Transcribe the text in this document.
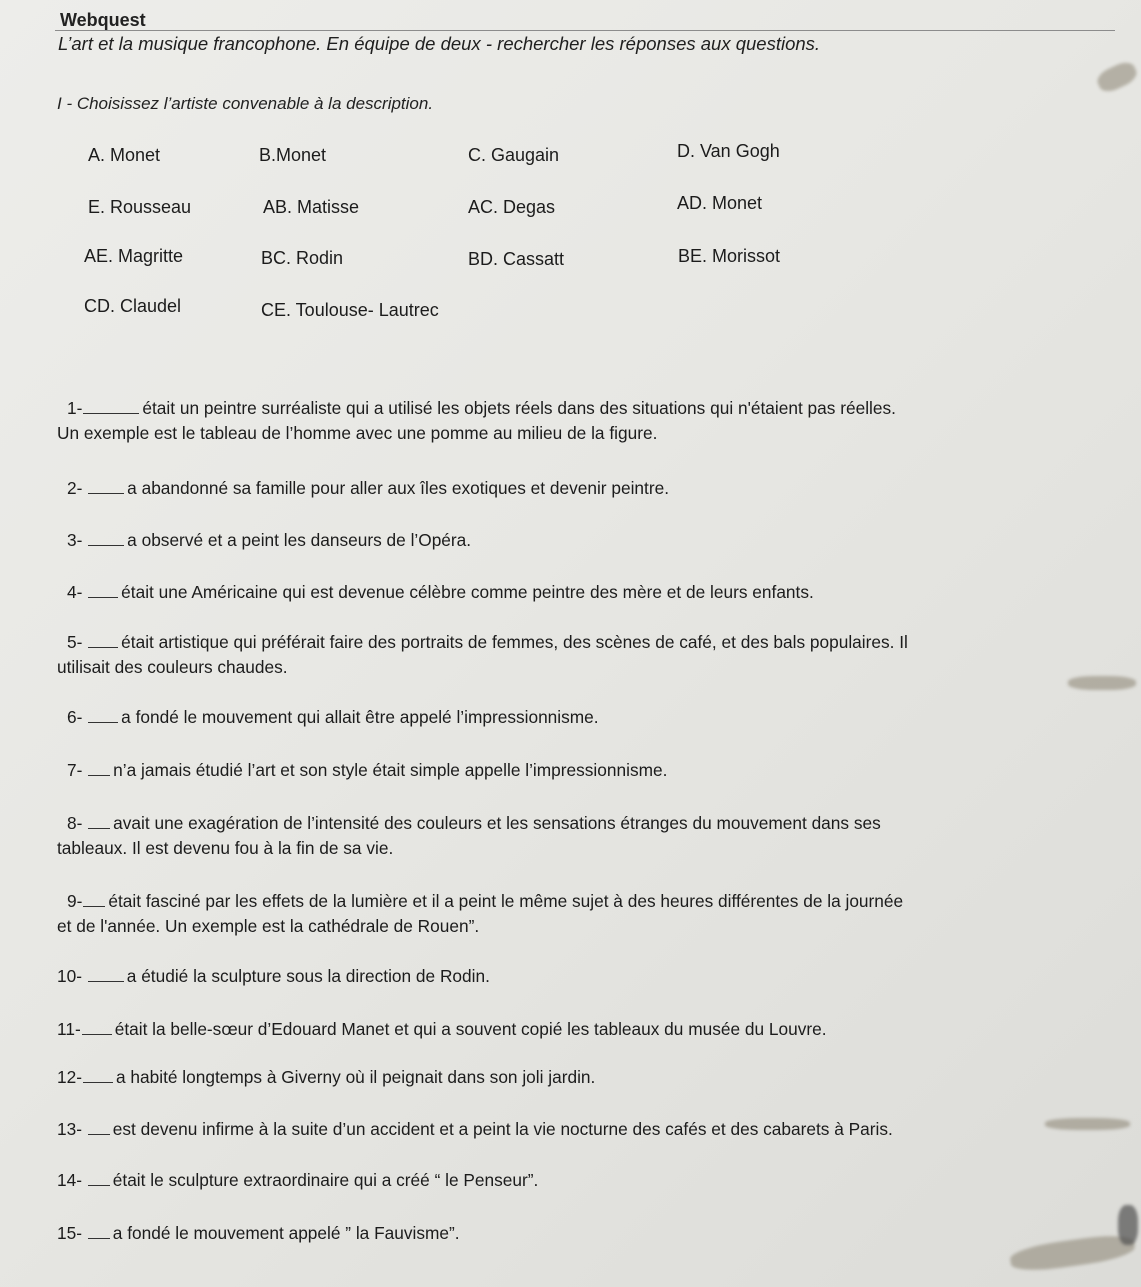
Webquest
L’art et la musique francophone. En équipe de deux - rechercher les réponses aux questions.
I - Choisissez l’artiste convenable à la description.
A. Monet	B.Monet	C. Gaugain	D. Van Gogh
E. Rousseau	AB. Matisse	AC. Degas	AD. Monet
AE. Magritte	BC. Rodin	BD. Cassatt	BE. Morissot
CD. Claudel	CE. Toulouse- Lautrec
1-	était un peintre surréaliste qui a utilisé les objets réels dans des situations qui n'étaient pas réelles.
Un exemple est le tableau de l’homme avec une pomme au milieu de la figure.
2- a abandonné sa famille pour aller aux îles exotiques et devenir peintre.
3- a observé et a peint les danseurs de l’Opéra.
4- était une Américaine qui est devenue célèbre comme peintre des mère et de leurs enfants.
5- était artistique qui préférait faire des portraits de femmes, des scènes de café, et des bals populaires. Il
utilisait des couleurs chaudes.
6- a fondé le mouvement qui allait être appelé l’impressionnisme.
7- n’a jamais étudié l’art et son style était simple appelle l’impressionnisme.
8- avait une exagération de l’intensité des couleurs et les sensations étranges du mouvement dans ses
tableaux. Il est devenu fou à la fin de sa vie.
9- était fasciné par les effets de la lumière et il a peint le même sujet à des heures différentes de la journée
et de l'année. Un exemple est la cathédrale de Rouen”.
10- a étudié la sculpture sous la direction de Rodin.
11- était la belle-sœur d’Edouard Manet et qui a souvent copié les tableaux du musée du Louvre.
12- a habité longtemps à Giverny où il peignait dans son joli jardin.
13- est devenu infirme à la suite d’un accident et a peint la vie nocturne des cafés et des cabarets à Paris.
14- était le sculpture extraordinaire qui a créé “ le Penseur”.
15- a fondé le mouvement appelé ” la Fauvisme”.
